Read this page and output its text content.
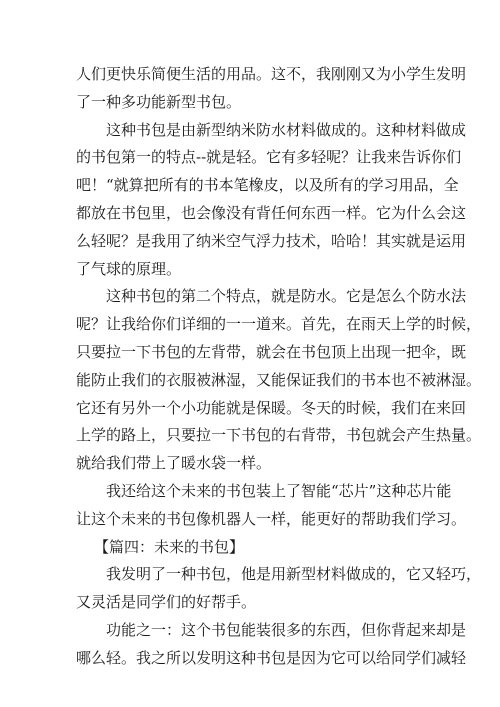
人们更快乐简便生活的用品。这不，我刚刚又为小学生发明
了一种多功能新型书包。
这种书包是由新型纳米防水材料做成的。这种材料做成
的书包第一的特点--就是轻。它有多轻呢？让我来告诉你们
吧！“就算把所有的书本笔橡皮，以及所有的学习用品，全
都放在书包里，也会像没有背任何东西一样。它为什么会这
么轻呢？是我用了纳米空气浮力技术，哈哈！其实就是运用
了气球的原理。
这种书包的第二个特点，就是防水。它是怎么个防水法
呢？让我给你们详细的一一道来。首先，在雨天上学的时候，
只要拉一下书包的左背带，就会在书包顶上出现一把伞，既
能防止我们的衣服被淋湿，又能保证我们的书本也不被淋湿。
它还有另外一个小功能就是保暖。冬天的时候，我们在来回
上学的路上，只要拉一下书包的右背带，书包就会产生热量。
就给我们带上了暖水袋一样。
我还给这个未来的书包装上了智能“芯片”这种芯片能
让这个未来的书包像机器人一样，能更好的帮助我们学习。
【篇四：未来的书包】
我发明了一种书包，他是用新型材料做成的，它又轻巧，
又灵活是同学们的好帮手。
功能之一：这个书包能装很多的东西，但你背起来却是
哪么轻。我之所以发明这种书包是因为它可以给同学们减轻
